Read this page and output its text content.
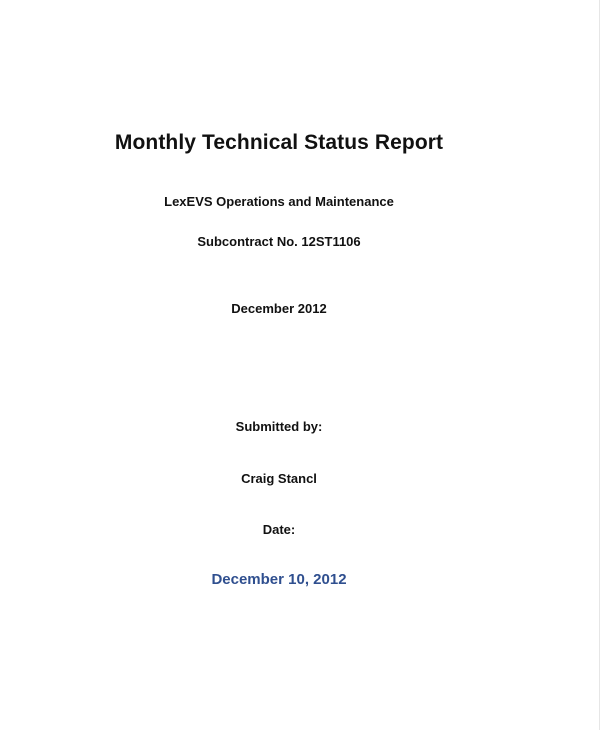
Monthly Technical Status Report
LexEVS Operations and Maintenance
Subcontract No. 12ST1106
December 2012
Submitted by:
Craig Stancl
Date:
December 10, 2012
